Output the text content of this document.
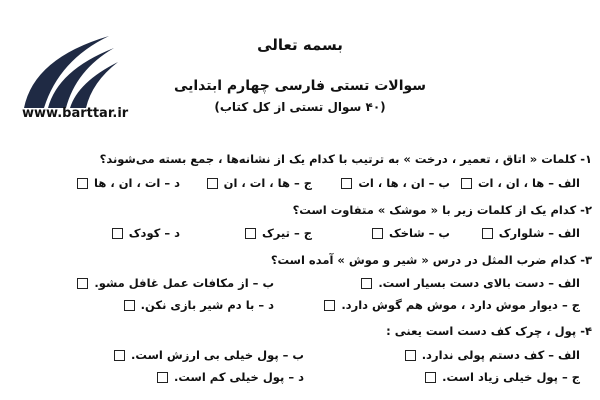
www.barttar.ir
بسمه تعالی
سوالات تستی فارسی چهارم ابتدایی
(۴۰ سوال تستی از کل کتاب)
۱- کلمات « اتاق ، تعمیر ، درخت » به ترتیب با کدام یک از نشانه‌ها ، جمع بسته می‌شوند؟
الف – ها ، ان ، ات
ب – ان ، ها ، ات
ج – ها ، ات ، ان
د – ات ، ان ، ها
۲- کدام یک از کلمات زیر با « موشک » متفاوت است؟
الف – شلوارک
ب – شاخک
ج – تیرک
د – کودک
۳- کدام ضرب المثل در درس « شیر و موش » آمده است؟
الف – دست بالای دست بسیار است.
ب – از مکافات عمل غافل مشو.
ج – دیوار موش دارد ، موش هم گوش دارد.
د – با دم شیر بازی نکن.
۴- پول ، چرک کف دست است یعنی :
الف – کف دستم پولی ندارد.
ب – پول خیلی بی ارزش است.
ج – پول خیلی زیاد است.
د – پول خیلی کم است.
